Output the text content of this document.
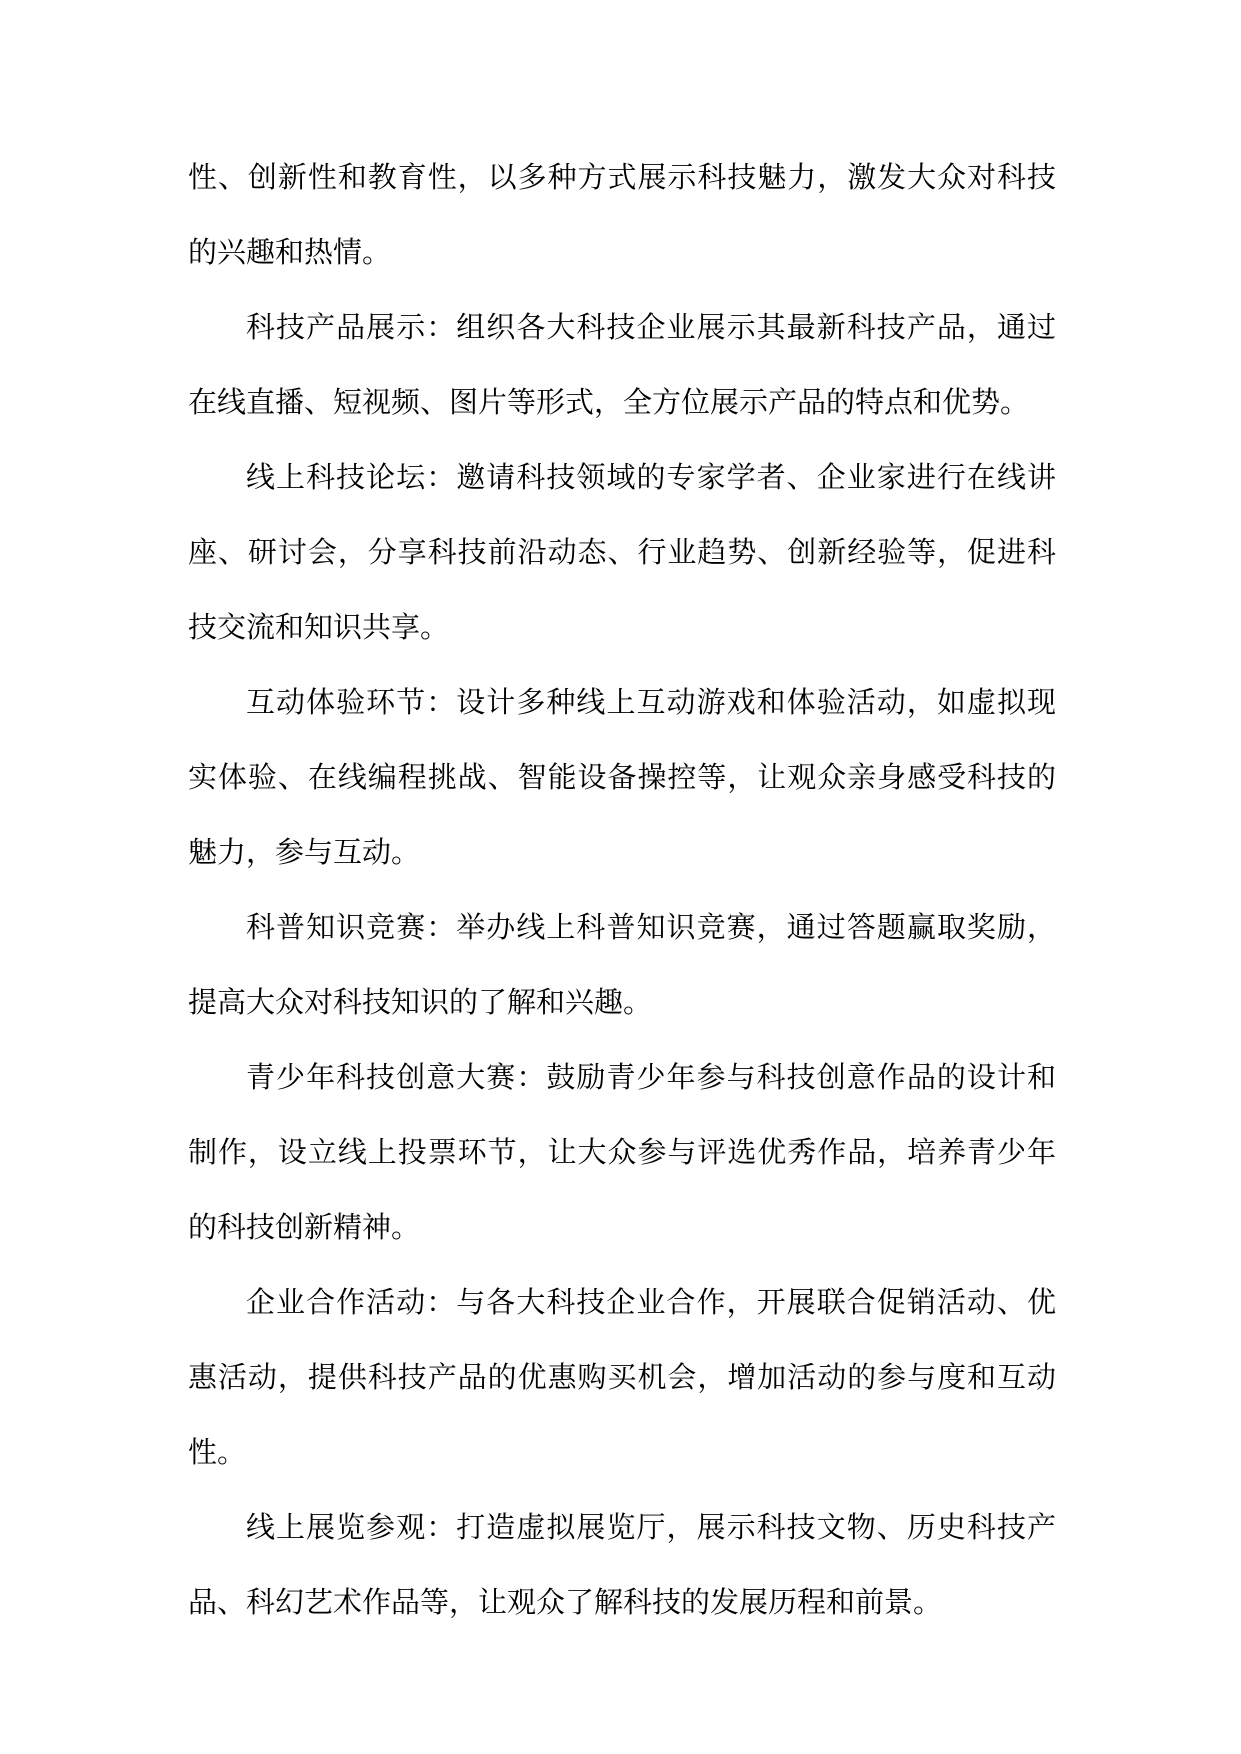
性、创新性和教育性，以多种方式展示科技魅力，激发大众对科技的兴趣和热情。

科技产品展示：组织各大科技企业展示其最新科技产品，通过在线直播、短视频、图片等形式，全方位展示产品的特点和优势。

线上科技论坛：邀请科技领域的专家学者、企业家进行在线讲座、研讨会，分享科技前沿动态、行业趋势、创新经验等，促进科技交流和知识共享。

互动体验环节：设计多种线上互动游戏和体验活动，如虚拟现实体验、在线编程挑战、智能设备操控等，让观众亲身感受科技的魅力，参与互动。

科普知识竞赛：举办线上科普知识竞赛，通过答题赢取奖励，提高大众对科技知识的了解和兴趣。

青少年科技创意大赛：鼓励青少年参与科技创意作品的设计和制作，设立线上投票环节，让大众参与评选优秀作品，培养青少年的科技创新精神。

企业合作活动：与各大科技企业合作，开展联合促销活动、优惠活动，提供科技产品的优惠购买机会，增加活动的参与度和互动性。

线上展览参观：打造虚拟展览厅，展示科技文物、历史科技产品、科幻艺术作品等，让观众了解科技的发展历程和前景。
